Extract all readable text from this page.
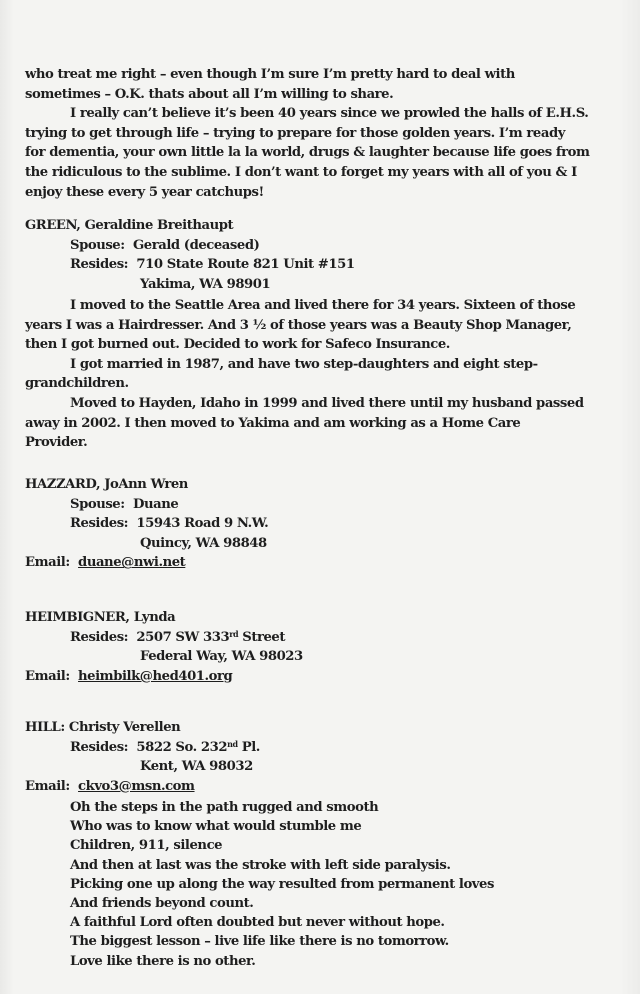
who treat me right – even though I’m sure I’m pretty hard to deal with
sometimes – O.K. thats about all I’m willing to share.
I really can’t believe it’s been 40 years since we prowled the halls of E.H.S.
trying to get through life – trying to prepare for those golden years. I’m ready
for dementia, your own little la la world, drugs & laughter because life goes from
the ridiculous to the sublime. I don’t want to forget my years with all of you & I
enjoy these every 5 year catchups!
GREEN, Geraldine Breithaupt
Spouse: Gerald (deceased)
Resides: 710 State Route 821 Unit #151
Yakima, WA 98901
I moved to the Seattle Area and lived there for 34 years. Sixteen of those
years I was a Hairdresser. And 3 ½ of those years was a Beauty Shop Manager,
then I got burned out. Decided to work for Safeco Insurance.
I got married in 1987, and have two step-daughters and eight step-
grandchildren.
Moved to Hayden, Idaho in 1999 and lived there until my husband passed
away in 2002. I then moved to Yakima and am working as a Home Care
Provider.
HAZZARD, JoAnn Wren
Spouse: Duane
Resides: 15943 Road 9 N.W.
Quincy, WA 98848
Email: duane@nwi.net
HEIMBIGNER, Lynda
Resides: 2507 SW 333rd Street
Federal Way, WA 98023
Email: heimbilk@hed401.org
HILL: Christy Verellen
Resides: 5822 So. 232nd Pl.
Kent, WA 98032
Email: ckvo3@msn.com
Oh the steps in the path rugged and smooth
Who was to know what would stumble me
Children, 911, silence
And then at last was the stroke with left side paralysis.
Picking one up along the way resulted from permanent loves
And friends beyond count.
A faithful Lord often doubted but never without hope.
The biggest lesson – live life like there is no tomorrow.
Love like there is no other.
